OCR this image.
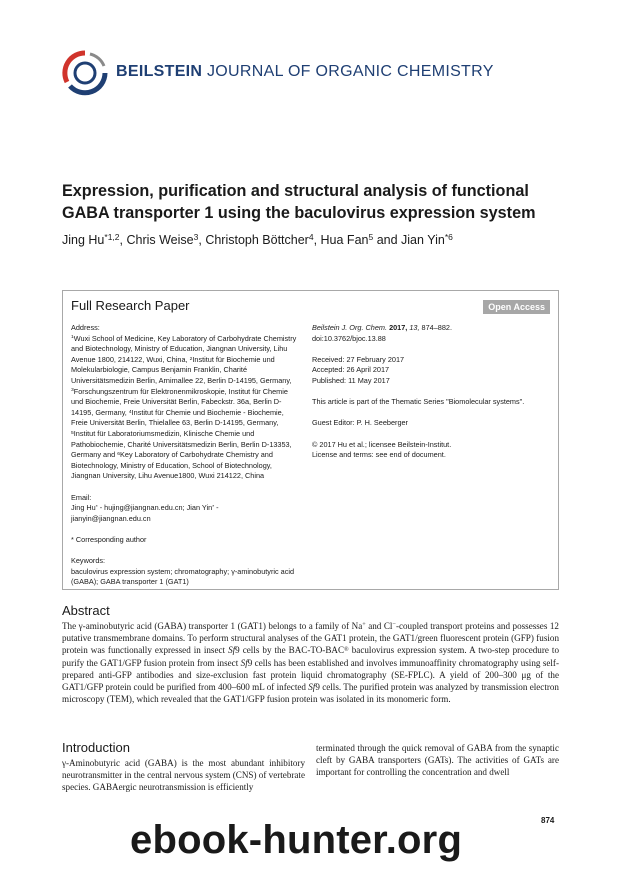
BEILSTEIN JOURNAL OF ORGANIC CHEMISTRY
Expression, purification and structural analysis of functional GABA transporter 1 using the baculovirus expression system
Jing Hu$^{*1,2}$, Chris Weise$^3$, Christoph Böttcher$^4$, Hua Fan$^5$ and Jian Yin$^{*6}$
Full Research Paper	Open Access

Address:

$^1$Wuxi School of Medicine, Key Laboratory of Carbohydrate Chemistry and Biotechnology, Ministry of Education, Jiangnan University, Lihu Avenue 1800, 214122, Wuxi, China, $^2$Institut für Biochemie und Molekularbiologie, Campus Benjamin Franklin, Charité Universitätsmedizin Berlin, Arnimallee 22, Berlin D-14195, Germany, $^3$Forschungszentrum für Elektronenmikroskopie, Institut für Chemie und Biochemie, Freie Universität Berlin, Fabeckstr. 36a, Berlin D-14195, Germany, $^4$Institut für Chemie und Biochemie - Biochemie, Freie Universität Berlin, Thielallee 63, Berlin D-14195, Germany, $^5$Institut für Laboratoriumsmedizin, Klinische Chemie und Pathobiochemie, Charité Universitätsmedizin Berlin, Berlin D-13353, Germany and $^6$Key Laboratory of Carbohydrate Chemistry and Biotechnology, Ministry of Education, School of Biotechnology, Jiangnan University, Lihu Avenue1800, Wuxi 214122, China

Email:

Jing Hu* - hujing@jiangnan.edu.cn; Jian Yin* -

jianyin@jiangnan.edu.cn

* Corresponding author

Keywords:

baculovirus expression system; chromatography; γ-aminobutyric acid (GABA); GABA transporter 1 (GAT1)

Beilstein J. Org. Chem. 2017, 13, 874–882.

doi:10.3762/bjoc.13.88

Received: 27 February 2017

Accepted: 26 April 2017

Published: 11 May 2017

This article is part of the Thematic Series "Biomolecular systems".

Guest Editor: P. H. Seeberger

© 2017 Hu et al.; licensee Beilstein-Institut.

License and terms: see end of document.

Abstract
The γ-aminobutyric acid (GABA) transporter 1 (GAT1) belongs to a family of Na+ and Cl−-coupled transport proteins and possesses 12 putative transmembrane domains. To perform structural analyses of the GAT1 protein, the GAT1/green fluorescent protein (GFP) fusion protein was functionally expressed in insect Sf9 cells by the BAC-TO-BAC® baculovirus expression system. A two-step procedure to purify the GAT1/GFP fusion protein from insect Sf9 cells has been established and involves immunoaffinity chromatography using self-prepared anti-GFP antibodies and size-exclusion fast protein liquid chromatography (SE-FPLC). A yield of 200–300 μg of the GAT1/GFP protein could be purified from 400–600 mL of infected Sf9 cells. The purified protein was analyzed by transmission electron microscopy (TEM), which revealed that the GAT1/GFP fusion protein was isolated in its monomeric form.
Introduction
γ-Aminobutyric acid (GABA) is the most abundant inhibitory neurotransmitter in the central nervous system (CNS) of vertebrate species. GABAergic neurotransmission is efficiently
terminated through the quick removal of GABA from the synaptic cleft by GABA transporters (GATs). The activities of GATs are important for controlling the concentration and dwell
874
ebook-hunter.org
